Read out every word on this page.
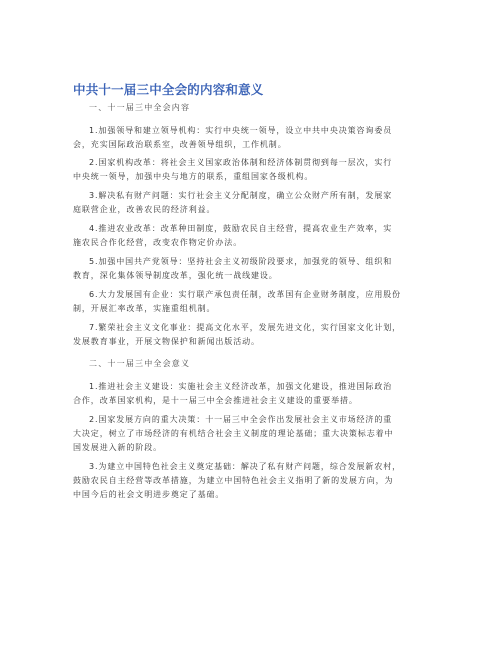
中共十一届三中全会的内容和意义
一、十一届三中全会内容
1.加强领导和建立领导机构：实行中央统一领导，设立中共中央决策咨询委员
会，充实国际政治联系室，改善领导组织，工作机制。
2.国家机构改革：将社会主义国家政治体制和经济体制贯彻到每一层次，实行
中央统一领导，加强中央与地方的联系，重组国家各级机构。
3.解决私有财产问题：实行社会主义分配制度，确立公众财产所有制，发展家
庭联营企业，改善农民的经济利益。
4.推进农业改革：改革种田制度，鼓励农民自主经营，提高农业生产效率，实
施农民合作化经营，改变农作物定价办法。
5.加强中国共产党领导：坚持社会主义初级阶段要求，加强党的领导、组织和
教育，深化集体领导制度改革，强化统一战线建设。
6.大力发展国有企业：实行联产承包责任制，改革国有企业财务制度，应用股份
制，开展汇率改革，实施重组机制。
7.繁荣社会主义文化事业：提高文化水平，发展先进文化，实行国家文化计划，
发展教育事业，开展文物保护和新闻出版活动。
二、十一届三中全会意义
1.推进社会主义建设：实施社会主义经济改革，加强文化建设，推进国际政治
合作，改革国家机构，是十一届三中全会推进社会主义建设的重要举措。
2.国家发展方向的重大决策：十一届三中全会作出发展社会主义市场经济的重
大决定，树立了市场经济的有机结合社会主义制度的理论基础；重大决策标志着中
国发展进入新的阶段。
3.为建立中国特色社会主义奠定基础：解决了私有财产问题，综合发展新农村，
鼓励农民自主经营等改革措施，为建立中国特色社会主义指明了新的发展方向，为
中国今后的社会文明进步奠定了基础。
